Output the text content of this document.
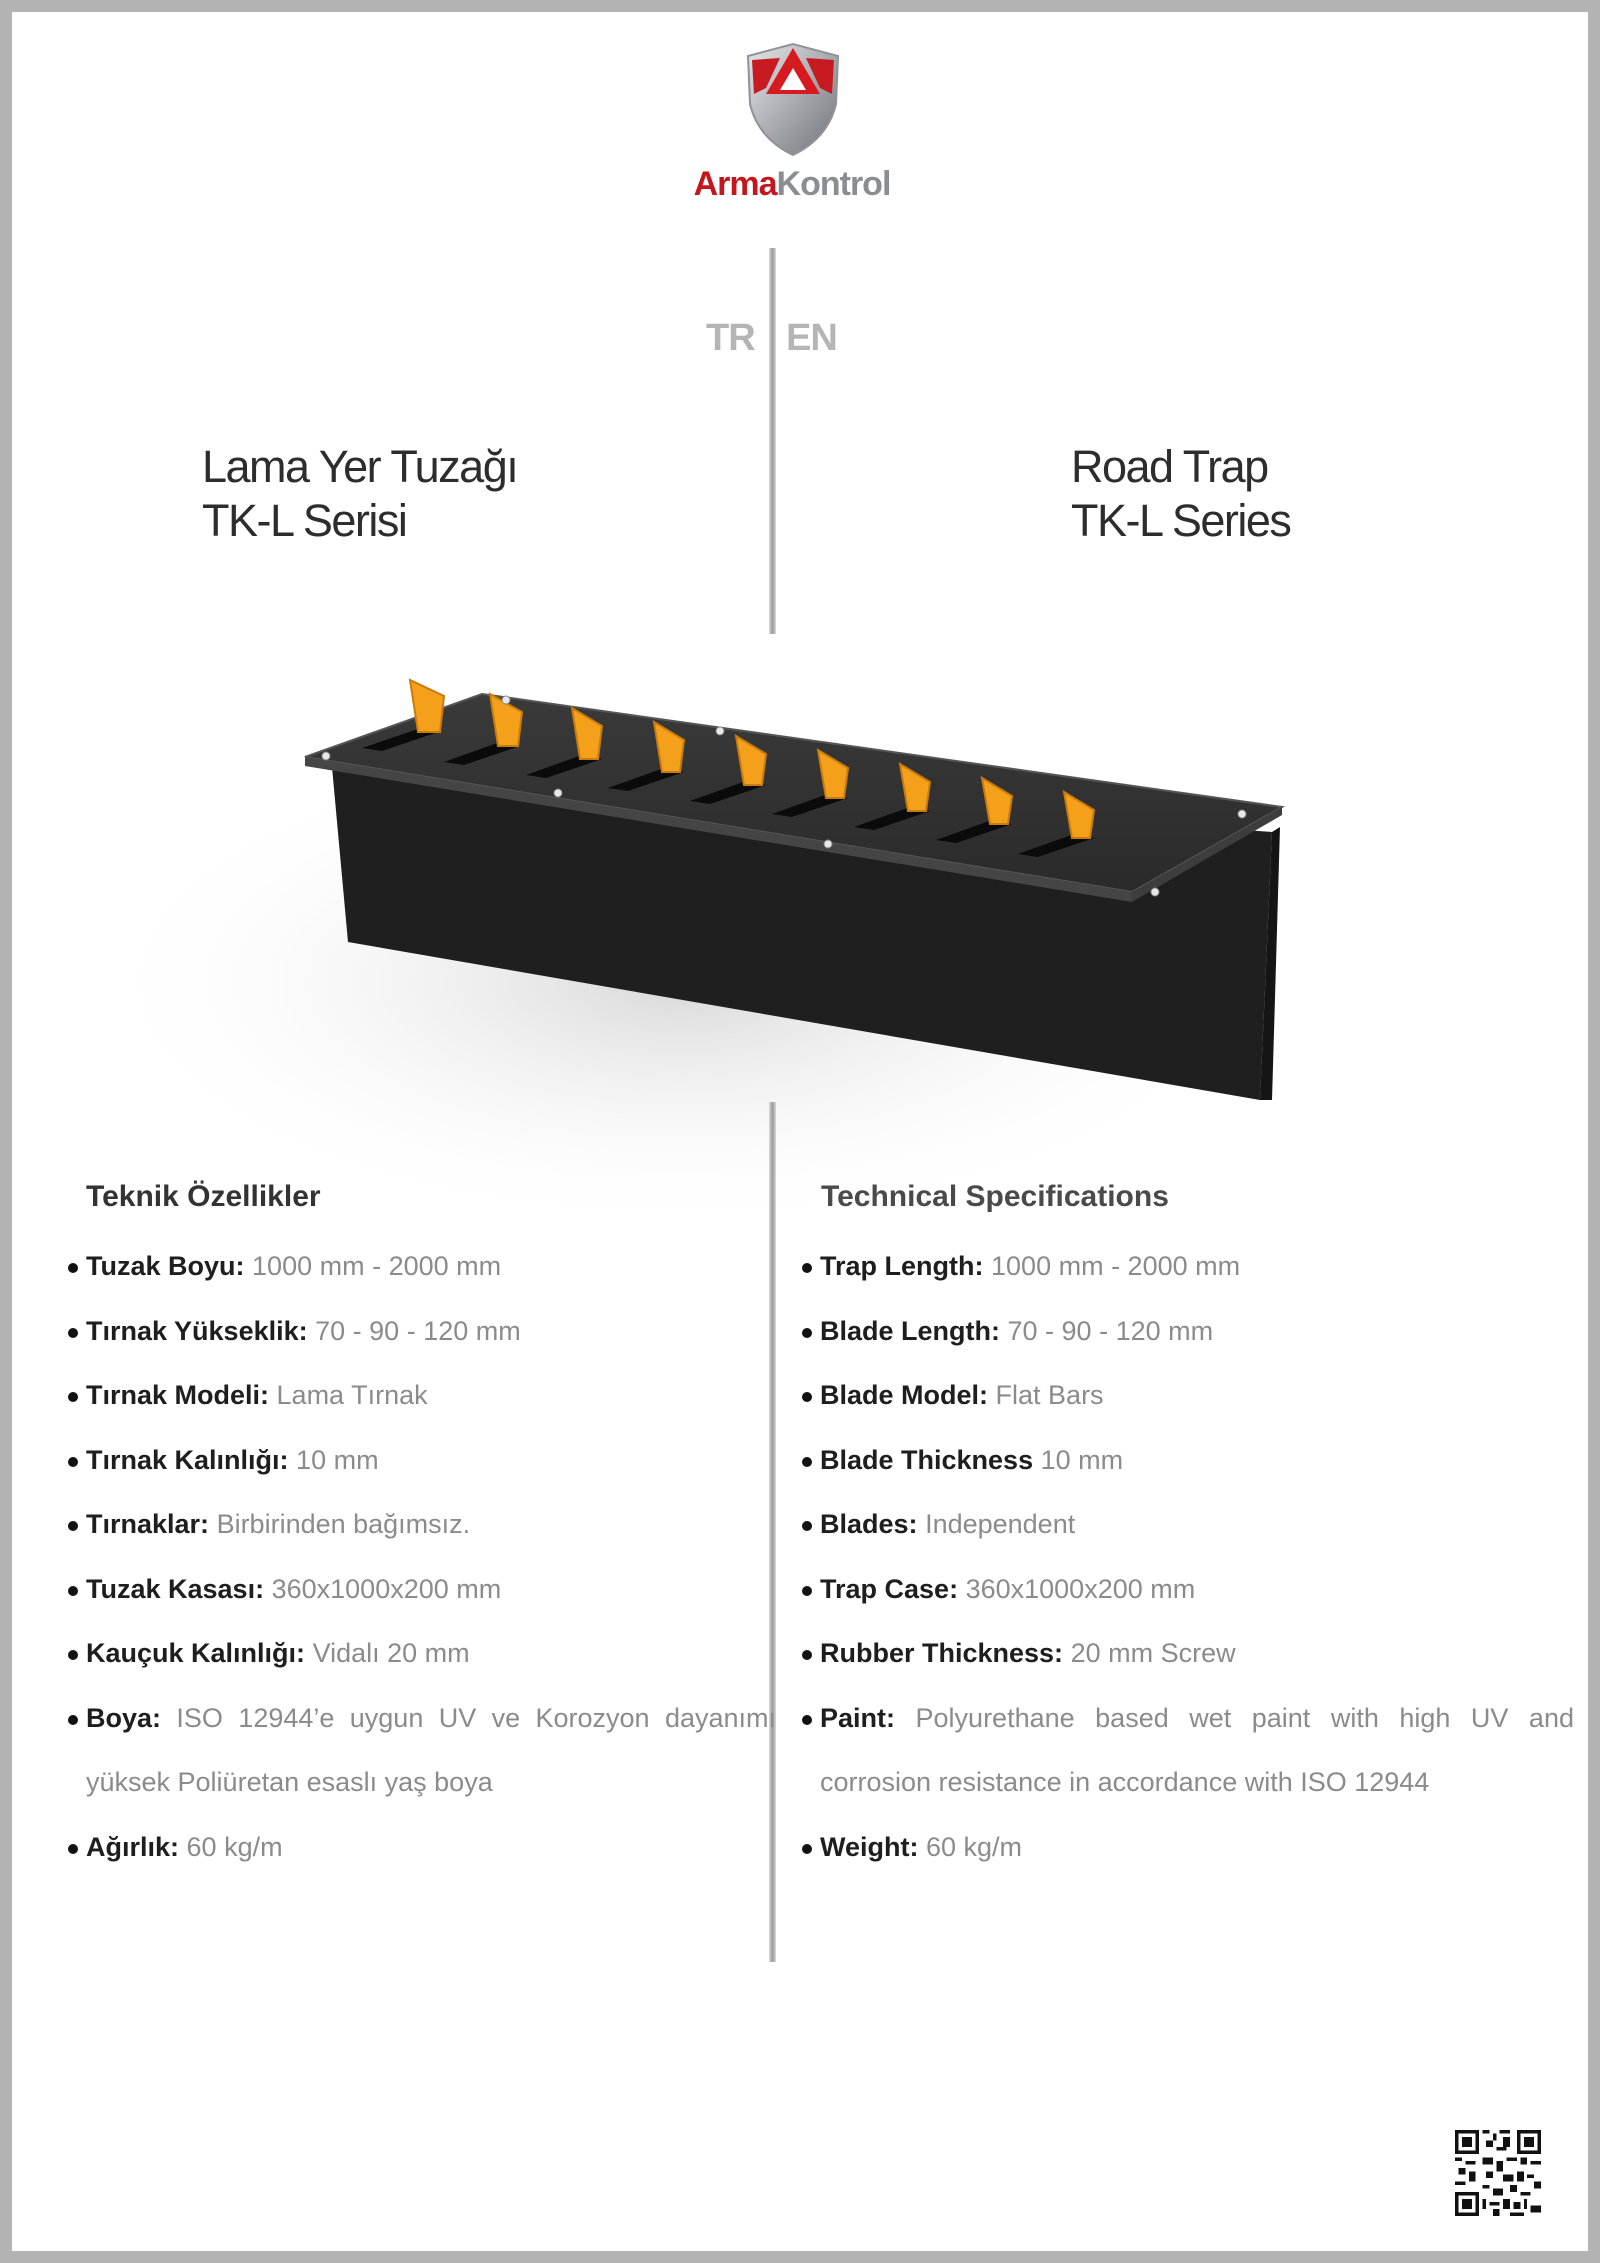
ArmaKontrol
TR EN
Lama Yer Tuzağı
TK-L Serisi
Road Trap
TK-L Series
Teknik Özellikler
Tuzak Boyu: 1000 mm - 2000 mm
Tırnak Yükseklik: 70 - 90 - 120 mm
Tırnak Modeli: Lama Tırnak
Tırnak Kalınlığı: 10 mm
Tırnaklar: Birbirinden bağımsız.
Tuzak Kasası: 360x1000x200 mm
Kauçuk Kalınlığı: Vidalı 20 mm
Boya: ISO 12944’e uygun UV ve Korozyon dayanımı yüksek Poliüretan esaslı yaş boya
Ağırlık: 60 kg/m
Technical Specifications
Trap Length: 1000 mm - 2000 mm
Blade Length: 70 - 90 - 120 mm
Blade Model: Flat Bars
Blade Thickness 10 mm
Blades: Independent
Trap Case: 360x1000x200 mm
Rubber Thickness: 20 mm Screw
Paint: Polyurethane based wet paint with high UV and corrosion resistance in accordance with ISO 12944
Weight: 60 kg/m
